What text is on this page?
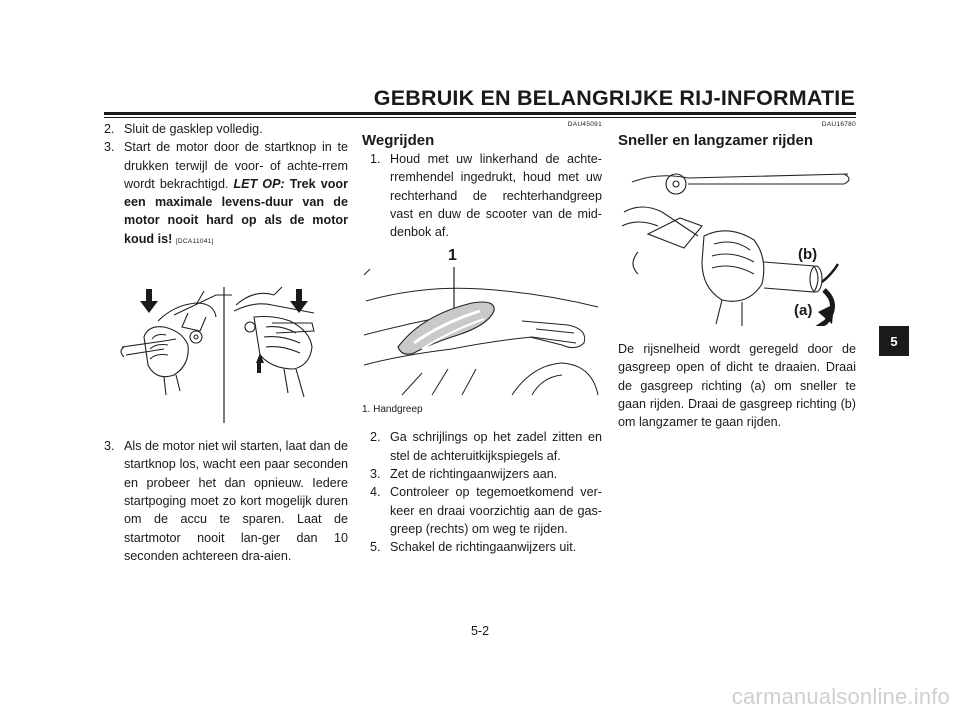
GEBRUIK EN BELANGRIJKE RIJ-INFORMATIE
2. Sluit de gasklep volledig.
3. Start de motor door de startknop in te drukken terwijl de voor- of achte-rrem wordt bekrachtigd. LET OP: Trek voor een maximale levens-duur van de motor nooit hard op als de motor koud is! [DCA11041]
3. Als de motor niet wil starten, laat dan de startknop los, wacht een paar seconden en probeer het dan opnieuw. Iedere startpoging moet zo kort mogelijk duren om de accu te sparen. Laat de startmotor nooit lan-ger dan 10 seconden achtereen dra-aien.
DAU45091
Wegrijden
1. Houd met uw linkerhand de achte-rremhendel ingedrukt, houd met uw rechterhand de rechterhandgreep vast en duw de scooter van de mid-denbok af.
1
1. Handgreep
2. Ga schrijlings op het zadel zitten en stel de achteruitkijkspiegels af.
3. Zet de richtingaanwijzers aan.
4. Controleer op tegemoetkomend ver-keer en draai voorzichtig aan de gas-greep (rechts) om weg te rijden.
5. Schakel de richtingaanwijzers uit.
DAU16780
Sneller en langzamer rijden
(b)
(a)
De rijsnelheid wordt geregeld door de gasgreep open of dicht te draaien. Draai de gasgreep richting (a) om sneller te gaan rijden. Draai de gasgreep richting (b) om langzamer te gaan rijden.
5
5-2
carmanualsonline.info
